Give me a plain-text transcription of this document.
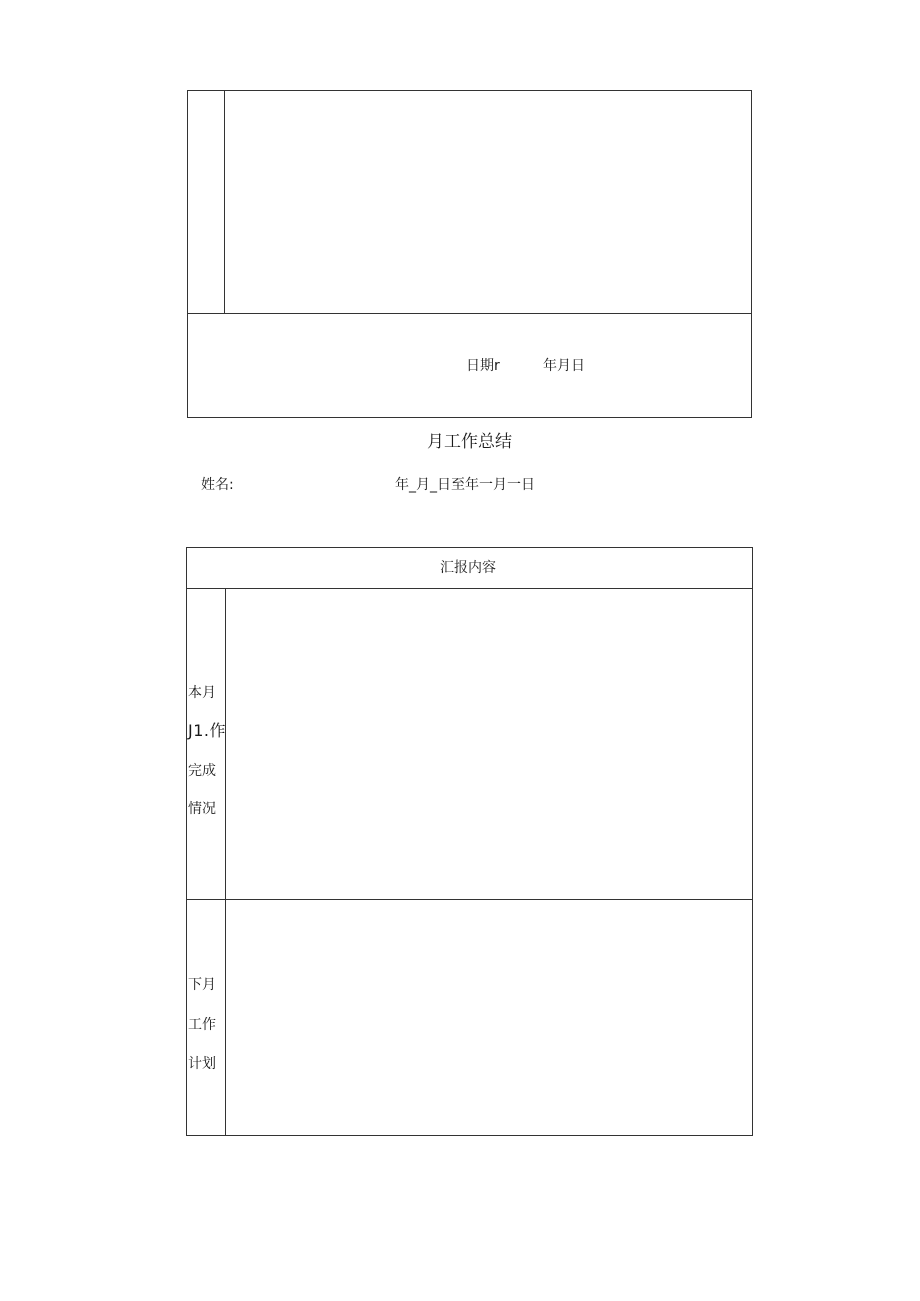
日期r	年月日
月工作总结
姓名:	年_月_日至年一月一日
汇报内容
本月
J1.作
完成
情况
下月
工作
计划
